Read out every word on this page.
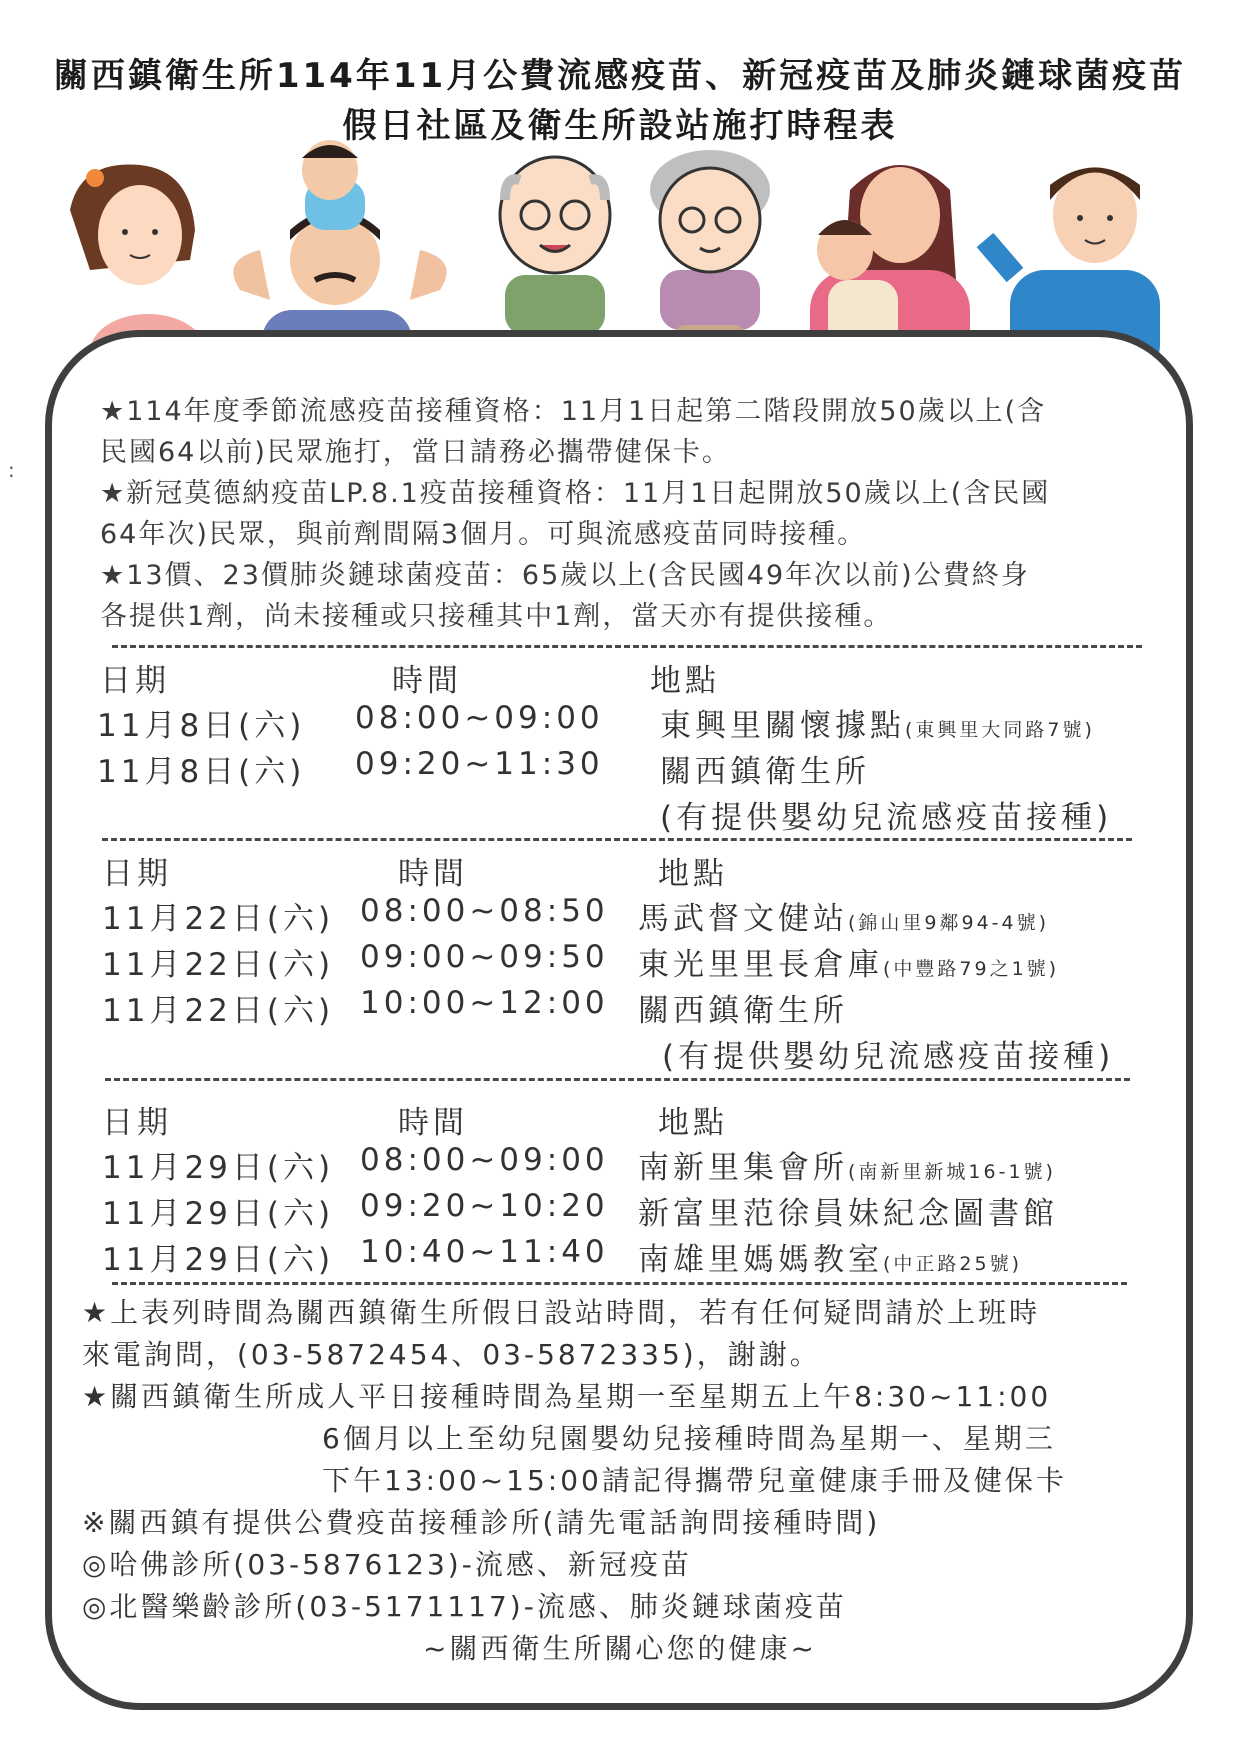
關西鎮衛生所114年11月公費流感疫苗、新冠疫苗及肺炎鏈球菌疫苗
假日社區及衛生所設站施打時程表
:
★114年度季節流感疫苗接種資格：11月1日起第二階段開放50歲以上(含
民國64以前)民眾施打，當日請務必攜帶健保卡。
★新冠莫德納疫苗LP.8.1疫苗接種資格：11月1日起開放50歲以上(含民國
64年次)民眾，與前劑間隔3個月。可與流感疫苗同時接種。
★13價、23價肺炎鏈球菌疫苗：65歲以上(含民國49年次以前)公費終身
各提供1劑，尚未接種或只接種其中1劑，當天亦有提供接種。
日期	時間	地點
11月8日(六) 08:00~09:00 東興里關懷據點(東興里大同路7號)
11月8日(六) 09:20~11:30 關西鎮衛生所
(有提供嬰幼兒流感疫苗接種)
日期	時間	地點
11月22日(六) 08:00~08:50 馬武督文健站(錦山里9鄰94-4號)
11月22日(六) 09:00~09:50 東光里里長倉庫(中豐路79之1號)
11月22日(六) 10:00~12:00 關西鎮衛生所
(有提供嬰幼兒流感疫苗接種)
日期	時間	地點
11月29日(六) 08:00~09:00 南新里集會所(南新里新城16-1號)
11月29日(六) 09:20~10:20 新富里范徐員妹紀念圖書館
11月29日(六) 10:40~11:40 南雄里媽媽教室(中正路25號)
★上表列時間為關西鎮衛生所假日設站時間，若有任何疑問請於上班時
來電詢問，(03-5872454、03-5872335)，謝謝。
★關西鎮衛生所成人平日接種時間為星期一至星期五上午8:30~11:00
6個月以上至幼兒園嬰幼兒接種時間為星期一、星期三
下午13:00~15:00請記得攜帶兒童健康手冊及健保卡
※關西鎮有提供公費疫苗接種診所(請先電話詢問接種時間)
◎哈佛診所(03-5876123)-流感、新冠疫苗
◎北醫樂齡診所(03-5171117)-流感、肺炎鏈球菌疫苗
~關西衛生所關心您的健康~
